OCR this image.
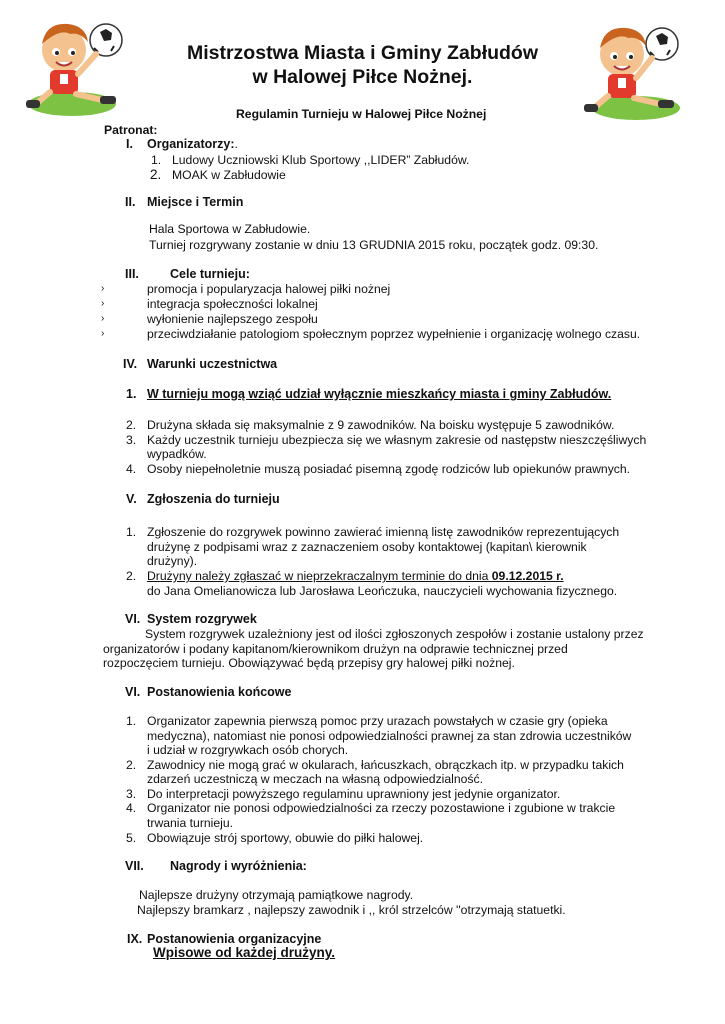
Mistrzostwa Miasta i Gminy Zabłudów
w Halowej Piłce Nożnej.
Regulamin Turnieju w Halowej Piłce Nożnej
Patronat:
I. Organizatorzy:.
1. Ludowy Uczniowski Klub Sportowy ,,LIDER” Zabłudów.
2. MOAK w Zabłudowie
II. Miejsce i Termin
Hala Sportowa w Zabłudowie.
Turniej rozgrywany zostanie w dniu 13 GRUDNIA 2015 roku, początek godz. 09:30.
III. Cele turnieju:
›	promocja i popularyzacja halowej piłki nożnej
›	integracja społeczności lokalnej
›	wyłonienie najlepszego zespołu
›	przeciwdziałanie patologiom społecznym poprzez wypełnienie i organizację wolnego czasu.
IV. Warunki uczestnictwa
1. W turnieju mogą wziąć udział wyłącznie mieszkańcy miasta i gminy Zabłudów.
2. Drużyna składa się maksymalnie z 9 zawodników. Na boisku występuje 5 zawodników.
3. Każdy uczestnik turnieju ubezpiecza się we własnym zakresie od następstw nieszczęśliwych
wypadków.
4. Osoby niepełnoletnie muszą posiadać pisemną zgodę rodziców lub opiekunów prawnych.
V. Zgłoszenia do turnieju
1. Zgłoszenie do rozgrywek powinno zawierać imienną listę zawodników reprezentujących
drużynę z podpisami wraz z zaznaczeniem osoby kontaktowej (kapitan\ kierownik
drużyny).
2. Drużyny należy zgłaszać w nieprzekraczalnym terminie do dnia 09.12.2015 r.
do Jana Omelianowicza lub Jarosława Leończuka, nauczycieli wychowania fizycznego.
VI. System rozgrywek
System rozgrywek uzależniony jest od ilości zgłoszonych zespołów i zostanie ustalony przez
organizatorów i podany kapitanom/kierownikom drużyn na odprawie technicznej przed
rozpoczęciem turnieju. Obowiązywać będą przepisy gry halowej piłki nożnej.
VI. Postanowienia końcowe
1. Organizator zapewnia pierwszą pomoc przy urazach powstałych w czasie gry (opieka
medyczna), natomiast nie ponosi odpowiedzialności prawnej za stan zdrowia uczestników
i udział w rozgrywkach osób chorych.
2. Zawodnicy nie mogą grać w okularach, łańcuszkach, obrączkach itp. w przypadku takich
zdarzeń uczestniczą w meczach na własną odpowiedzialność.
3. Do interpretacji powyższego regulaminu uprawniony jest jedynie organizator.
4. Organizator nie ponosi odpowiedzialności za rzeczy pozostawione i zgubione w trakcie
trwania turnieju.
5. Obowiązuje strój sportowy, obuwie do piłki halowej.
VII. Nagrody i wyróżnienia:
Najlepsze drużyny otrzymają pamiątkowe nagrody.
Najlepszy bramkarz , najlepszy zawodnik i ,, król strzelców ''otrzymają statuetki.
IX. Postanowienia organizacyjne
Wpisowe od każdej drużyny.
